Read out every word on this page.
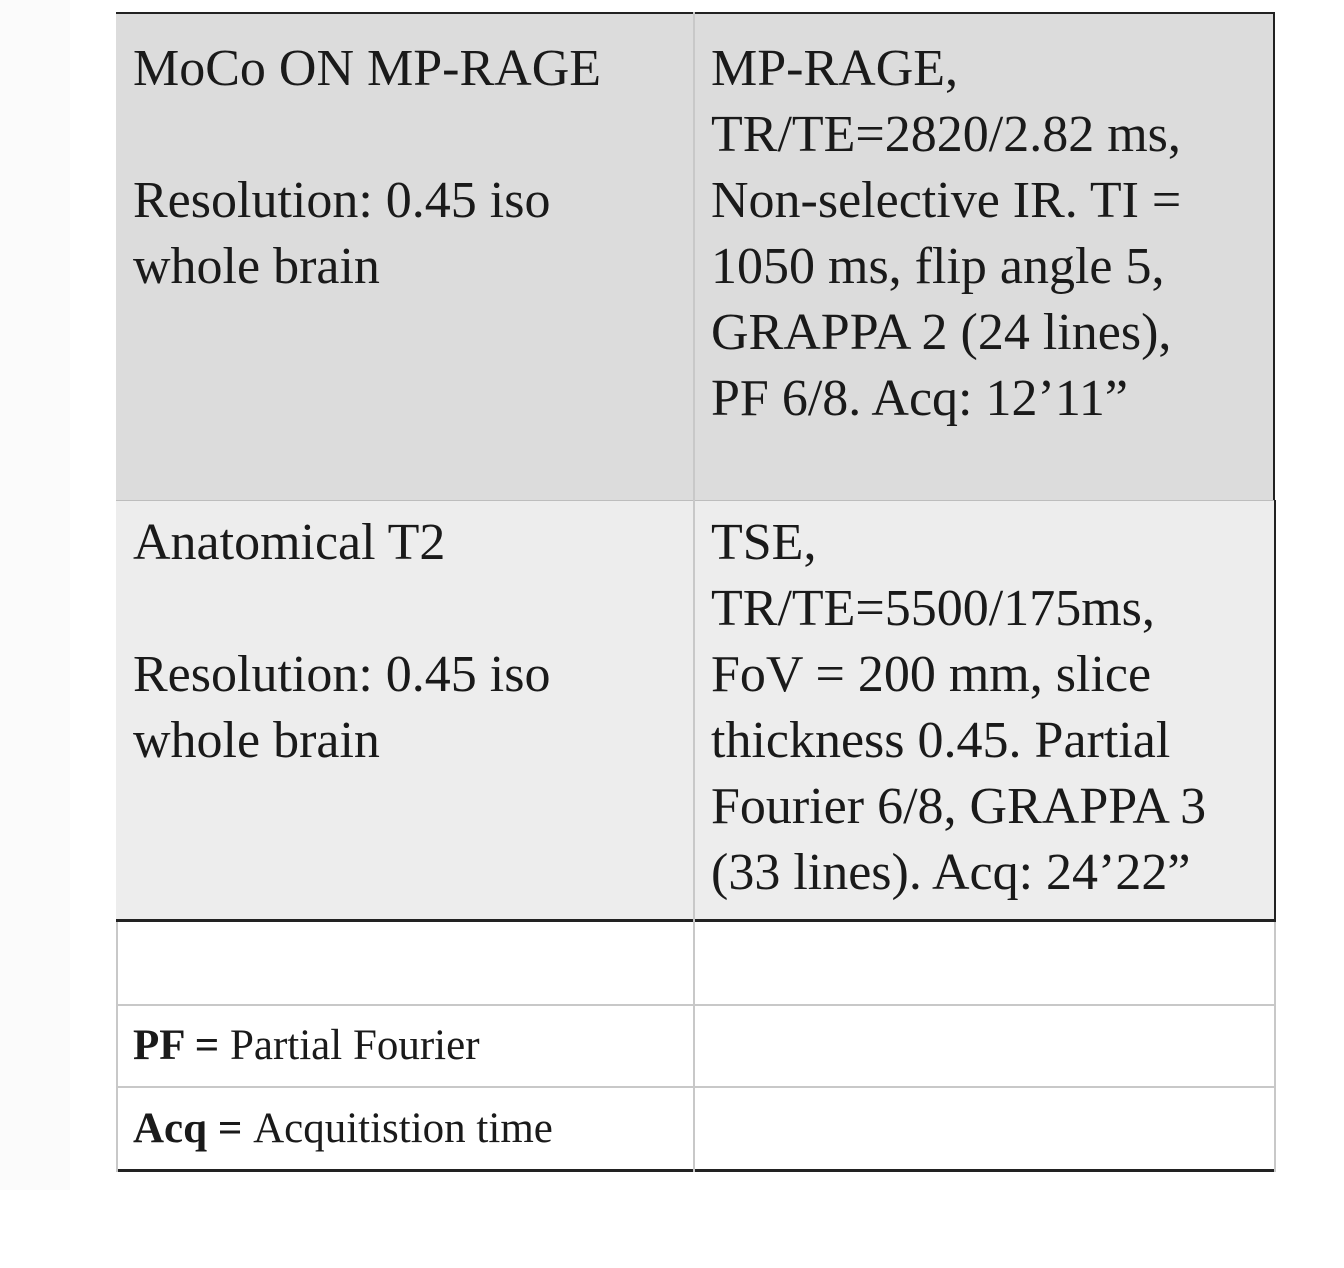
MoCo ON MP-RAGE
Resolution: 0.45 iso
whole brain
MP-RAGE,
TR/TE=2820/2.82 ms,
Non-selective IR. TI =
1050 ms, flip angle 5,
GRAPPA 2 (24 lines),
PF 6/8. Acq: 12’11”
Anatomical T2
Resolution: 0.45 iso
whole brain
TSE,
TR/TE=5500/175ms,
FoV = 200 mm, slice
thickness 0.45. Partial
Fourier 6/8, GRAPPA 3
(33 lines). Acq: 24’22”
PF = Partial Fourier
Acq = Acquitistion time
